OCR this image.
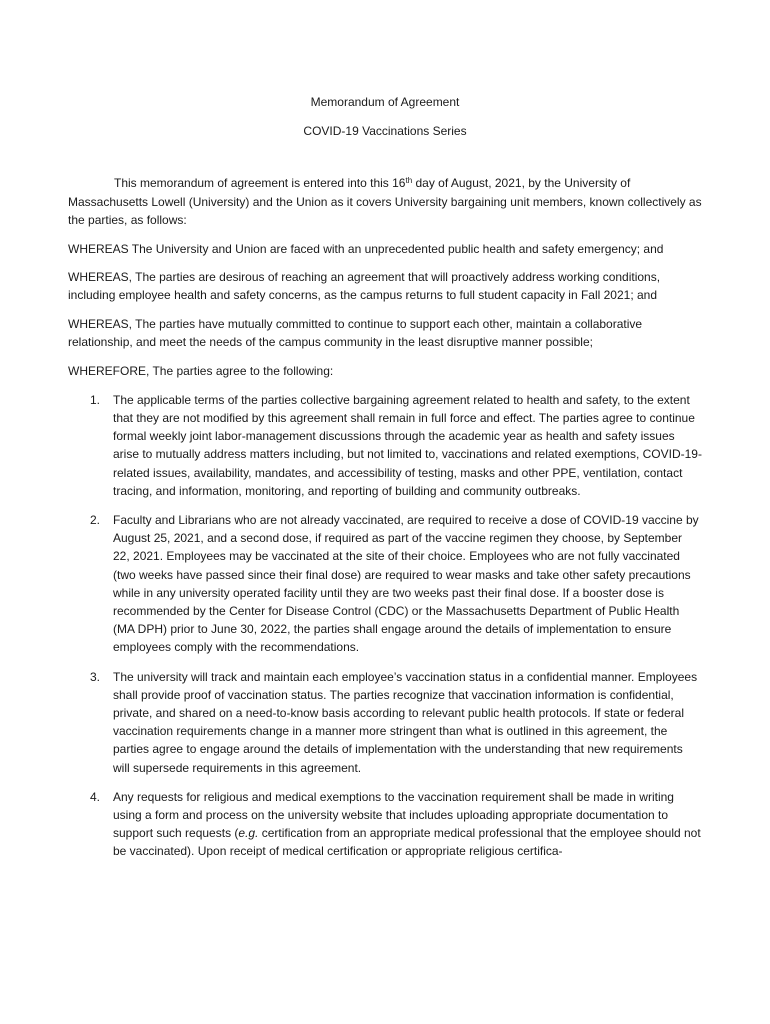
Memorandum of Agreement

COVID-19 Vaccinations Series

This memorandum of agreement is entered into this 16th day of August, 2021, by the University of Massachusetts Lowell (University) and the Union as it covers University bargaining unit members, known collectively as the parties, as follows:

WHEREAS The University and Union are faced with an unprecedented public health and safety emergency; and

WHEREAS, The parties are desirous of reaching an agreement that will proactively address working conditions, including employee health and safety concerns, as the campus returns to full student capacity in Fall 2021; and

WHEREAS, The parties have mutually committed to continue to support each other, maintain a collaborative relationship, and meet the needs of the campus community in the least disruptive manner possible;

WHEREFORE, The parties agree to the following:

1. The applicable terms of the parties collective bargaining agreement related to health and safety, to the extent that they are not modified by this agreement shall remain in full force and effect. The parties agree to continue formal weekly joint labor-management discussions through the academic year as health and safety issues arise to mutually address matters including, but not limited to, vaccinations and related exemptions, COVID-19-related issues, availability, mandates, and accessibility of testing, masks and other PPE, ventilation, contact tracing, and information, monitoring, and reporting of building and community outbreaks.
2. Faculty and Librarians who are not already vaccinated, are required to receive a dose of COVID-19 vaccine by August 25, 2021, and a second dose, if required as part of the vaccine regimen they choose, by September 22, 2021. Employees may be vaccinated at the site of their choice. Employees who are not fully vaccinated (two weeks have passed since their final dose) are required to wear masks and take other safety precautions while in any university operated facility until they are two weeks past their final dose. If a booster dose is recommended by the Center for Disease Control (CDC) or the Massachusetts Department of Public Health (MA DPH) prior to June 30, 2022, the parties shall engage around the details of implementation to ensure employees comply with the recommendations.
3. The university will track and maintain each employee’s vaccination status in a confidential manner. Employees shall provide proof of vaccination status. The parties recognize that vaccination information is confidential, private, and shared on a need-to-know basis according to relevant public health protocols. If state or federal vaccination requirements change in a manner more stringent than what is outlined in this agreement, the parties agree to engage around the details of implementation with the understanding that new requirements will supersede requirements in this agreement.
4. Any requests for religious and medical exemptions to the vaccination requirement shall be made in writing using a form and process on the university website that includes uploading appropriate documentation to support such requests (e.g. certification from an appropriate medical professional that the employee should not be vaccinated). Upon receipt of medical certification or appropriate religious certifica-
